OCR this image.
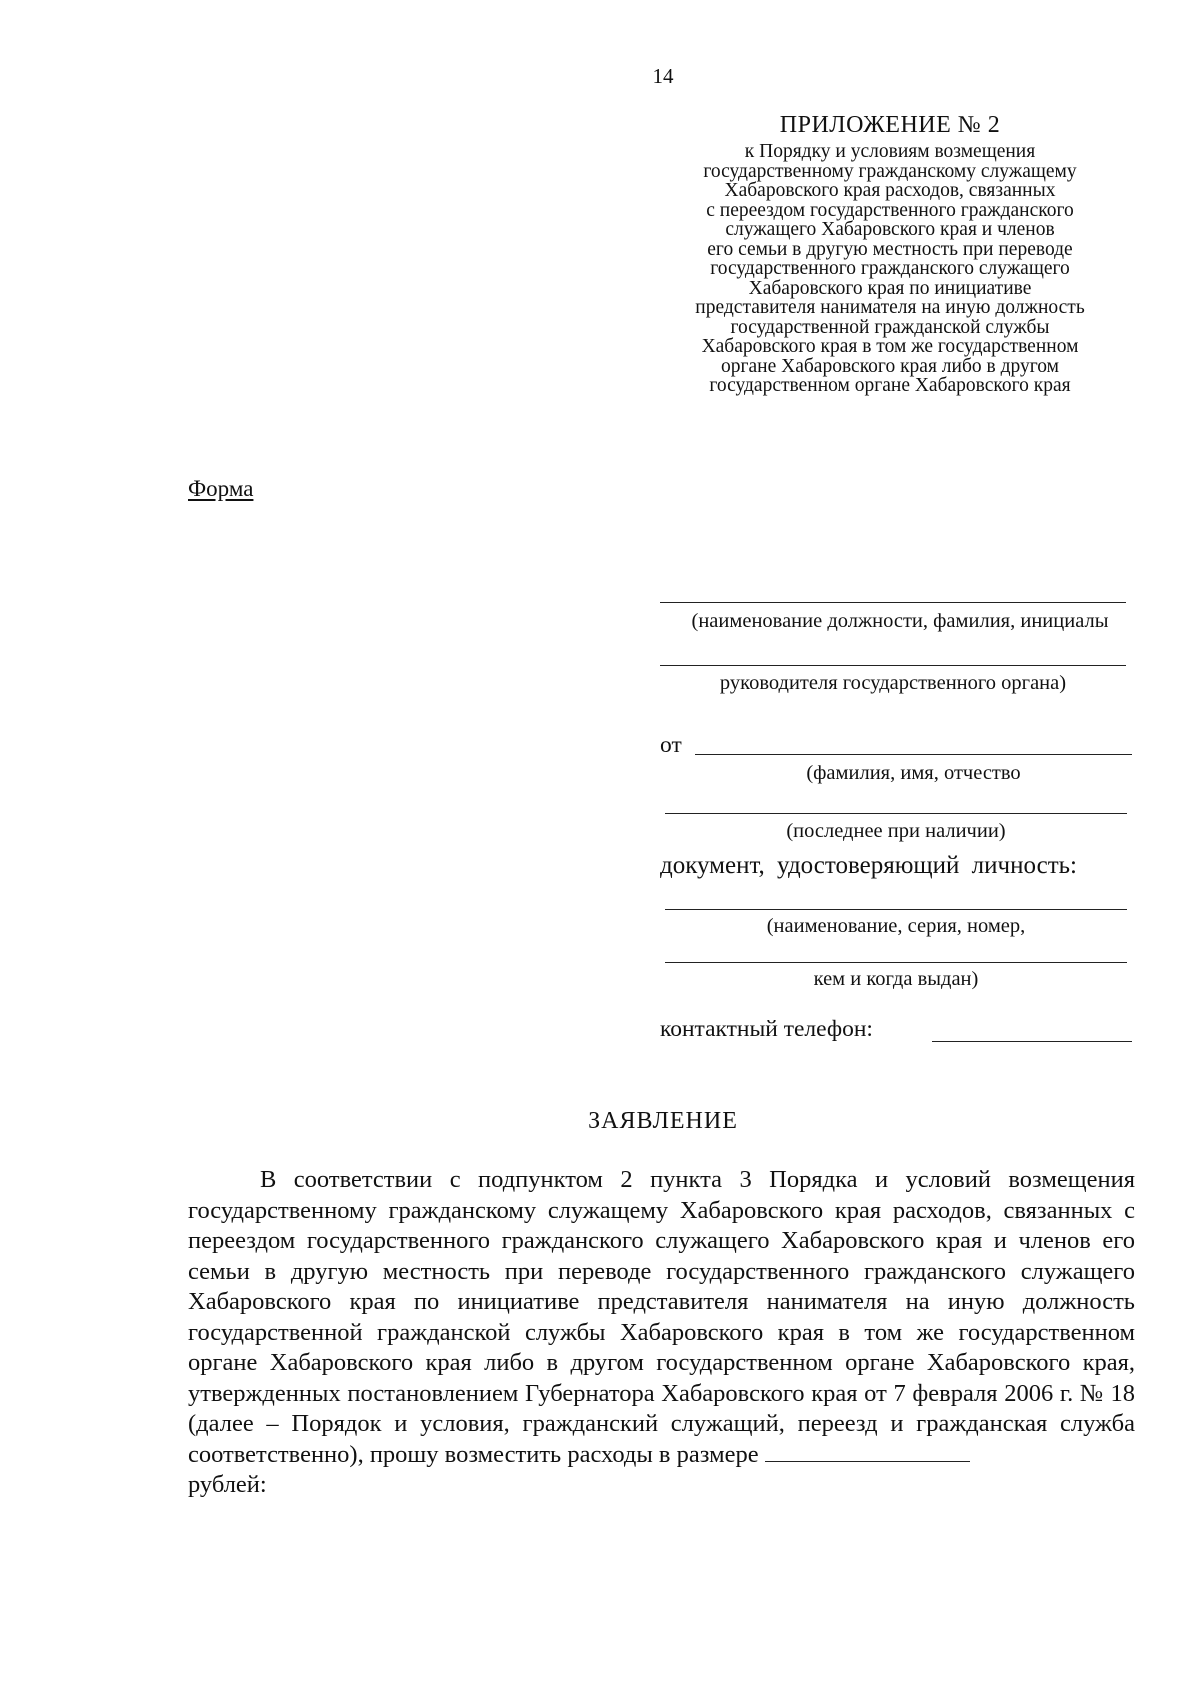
14
ПРИЛОЖЕНИЕ № 2
к Порядку и условиям возмещения
государственному гражданскому служащему
Хабаровского края расходов, связанных
с переездом государственного гражданского
служащего Хабаровского края и членов
его семьи в другую местность при переводе
государственного гражданского служащего
Хабаровского края по инициативе
представителя нанимателя на иную должность
государственной гражданской службы
Хабаровского края в том же государственном
органе Хабаровского края либо в другом
государственном органе Хабаровского края
Форма
(наименование должности, фамилия, инициалы
руководителя государственного органа)
от
(фамилия, имя, отчество
(последнее при наличии)
документ, удостоверяющий личность:
(наименование, серия, номер,
кем и когда выдан)
контактный телефон:
ЗАЯВЛЕНИЕ
В соответствии с подпунктом 2 пункта 3 Порядка и условий возмещения государственному гражданскому служащему Хабаровского края расходов, связанных с переездом государственного гражданского служащего Хабаровского края и членов его семьи в другую местность при переводе государственного гражданского служащего Хабаровского края по инициативе представителя нанимателя на иную должность государственной гражданской службы Хабаровского края в том же государственном органе Хабаровского края либо в другом государственном органе Хабаровского края, утвержденных постановлением Губернатора Хабаровского края от 7 февраля 2006 г. № 18 (далее – Порядок и условия, гражданский служащий, переезд и гражданская служба соответственно), прошу возместить расходы в размере
рублей:
